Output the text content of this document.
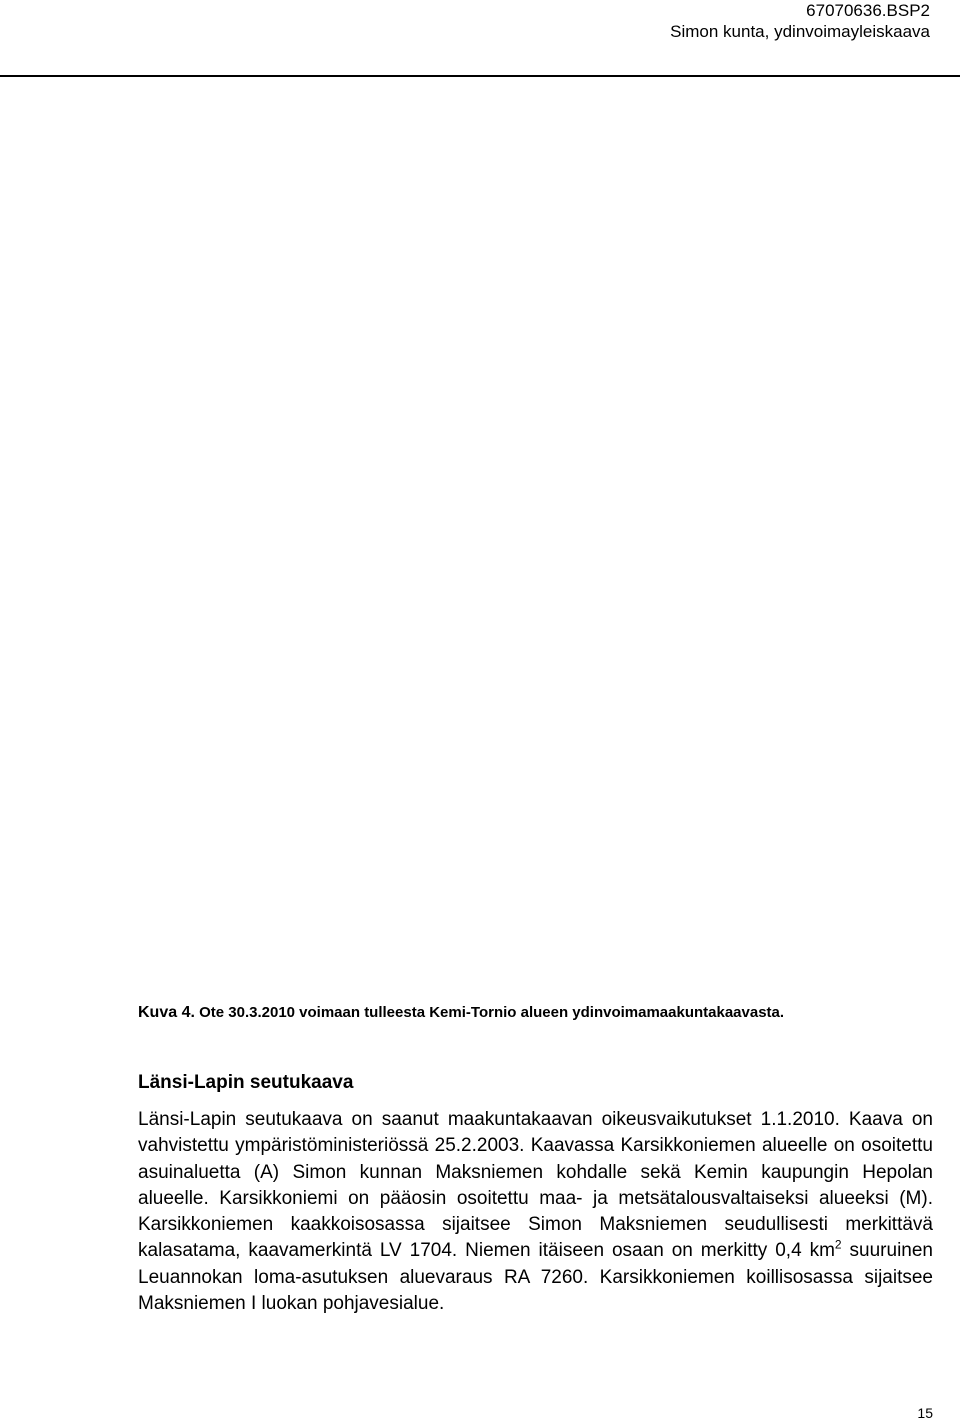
67070636.BSP2
Simon kunta, ydinvoimayleiskaava
Kuva 4. Ote 30.3.2010 voimaan tulleesta Kemi-Tornio alueen ydinvoimamaakuntakaavasta.
Länsi-Lapin seutukaava
Länsi-Lapin seutukaava on saanut maakuntakaavan oikeusvaikutukset 1.1.2010. Kaava on vahvistettu ympäristöministeriössä 25.2.2003. Kaavassa Karsikkoniemen alueelle on osoitettu asuinaluetta (A) Simon kunnan Maksniemen kohdalle sekä Kemin kaupungin Hepolan alueelle. Karsikkoniemi on pääosin osoitettu maa- ja metsätalousvaltaiseksi alueeksi (M). Karsikkoniemen kaakkoisosassa sijaitsee Simon Maksniemen seudullisesti merkittävä kalasatama, kaavamerkintä LV 1704. Niemen itäiseen osaan on merkitty 0,4 $km^2$ suuruinen Leuannokan loma-asutuksen aluevaraus RA 7260. Karsikkoniemen koillisosassa sijaitsee Maksniemen I luokan pohjavesialue.
15
